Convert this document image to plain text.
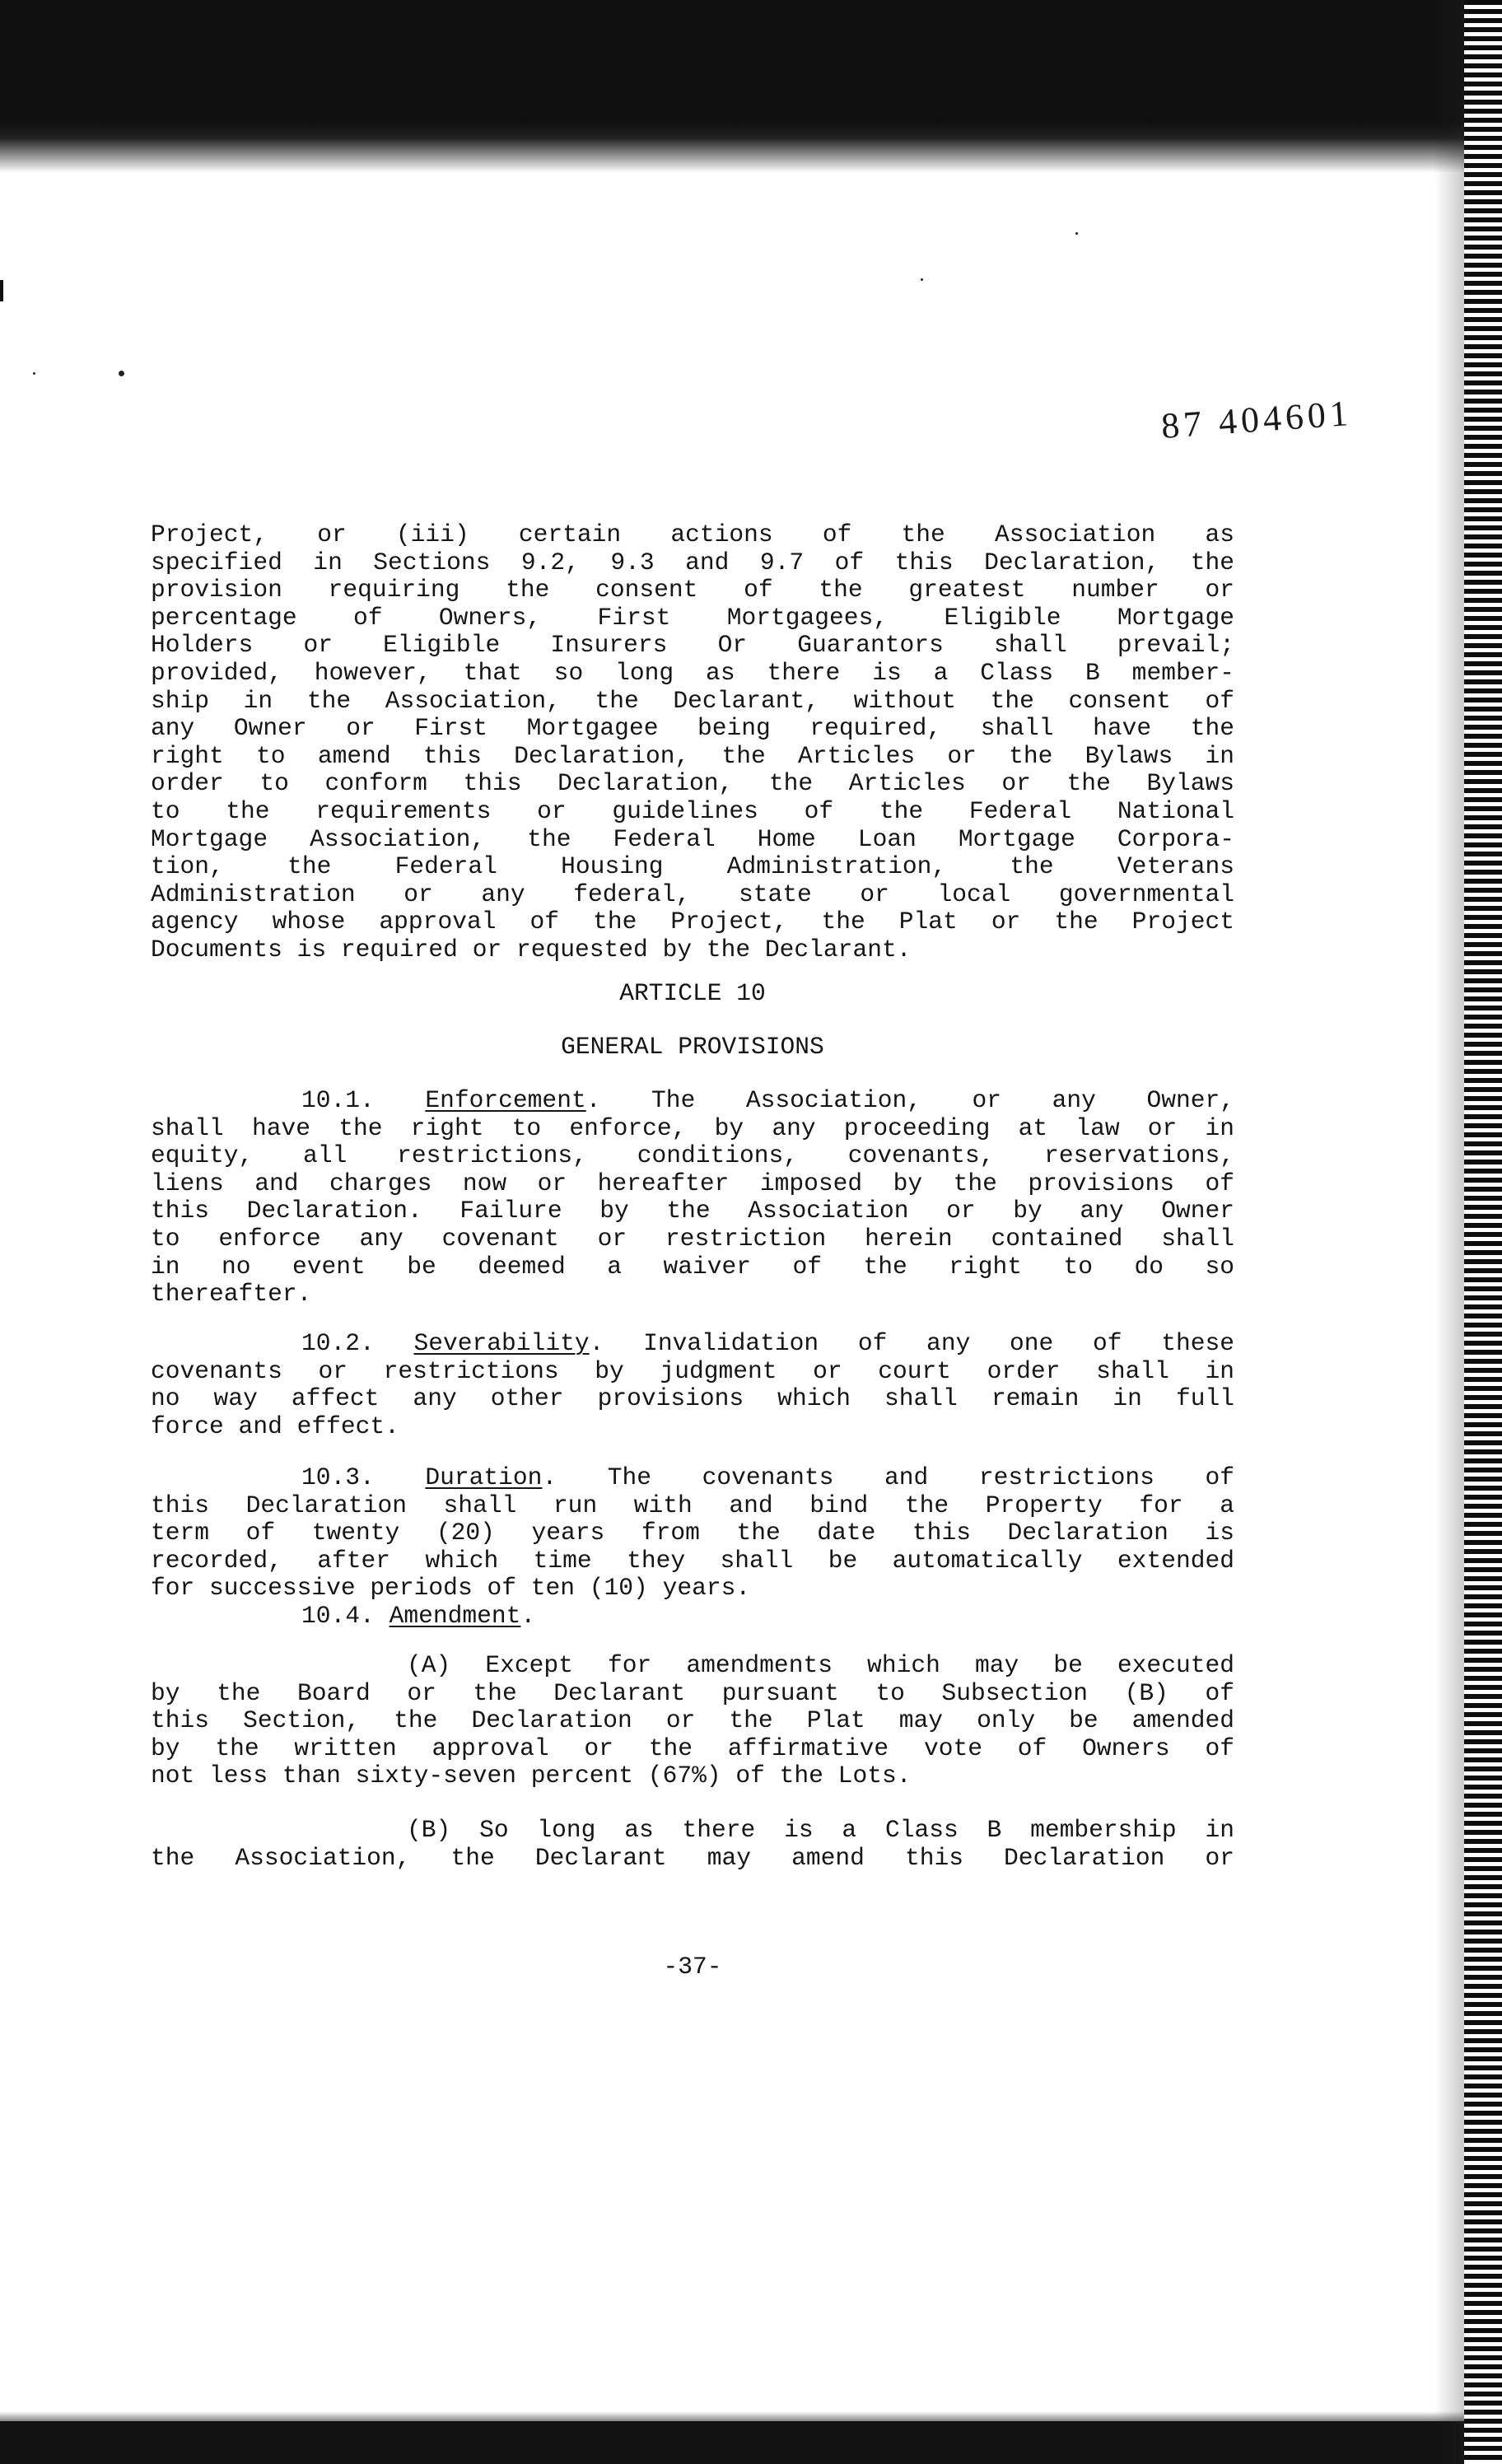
87 404601
Project, or (iii) certain actions of the Association as
specified in Sections 9.2, 9.3 and 9.7 of this Declaration, the
provision requiring the consent of the greatest number or
percentage of Owners, First Mortgagees, Eligible Mortgage
Holders or Eligible Insurers Or Guarantors shall prevail;
provided, however, that so long as there is a Class B member-
ship in the Association, the Declarant, without the consent of
any Owner or First Mortgagee being required, shall have the
right to amend this Declaration, the Articles or the Bylaws in
order to conform this Declaration, the Articles or the Bylaws
to the requirements or guidelines of the Federal National
Mortgage Association, the Federal Home Loan Mortgage Corpora-
tion, the Federal Housing Administration, the Veterans
Administration or any federal, state or local governmental
agency whose approval of the Project, the Plat or the Project
Documents is required or requested by the Declarant.
ARTICLE 10
GENERAL PROVISIONS
10.1. Enforcement. The Association, or any Owner,
shall have the right to enforce, by any proceeding at law or in
equity, all restrictions, conditions, covenants, reservations,
liens and charges now or hereafter imposed by the provisions of
this Declaration. Failure by the Association or by any Owner
to enforce any covenant or restriction herein contained shall
in no event be deemed a waiver of the right to do so
thereafter.
10.2. Severability. Invalidation of any one of these
covenants or restrictions by judgment or court order shall in
no way affect any other provisions which shall remain in full
force and effect.
10.3. Duration. The covenants and restrictions of
this Declaration shall run with and bind the Property for a
term of twenty (20) years from the date this Declaration is
recorded, after which time they shall be automatically extended
for successive periods of ten (10) years.
10.4. Amendment.
(A) Except for amendments which may be executed
by the Board or the Declarant pursuant to Subsection (B) of
this Section, the Declaration or the Plat may only be amended
by the written approval or the affirmative vote of Owners of
not less than sixty-seven percent (67%) of the Lots.
(B) So long as there is a Class B membership in
the Association, the Declarant may amend this Declaration or
-37-
